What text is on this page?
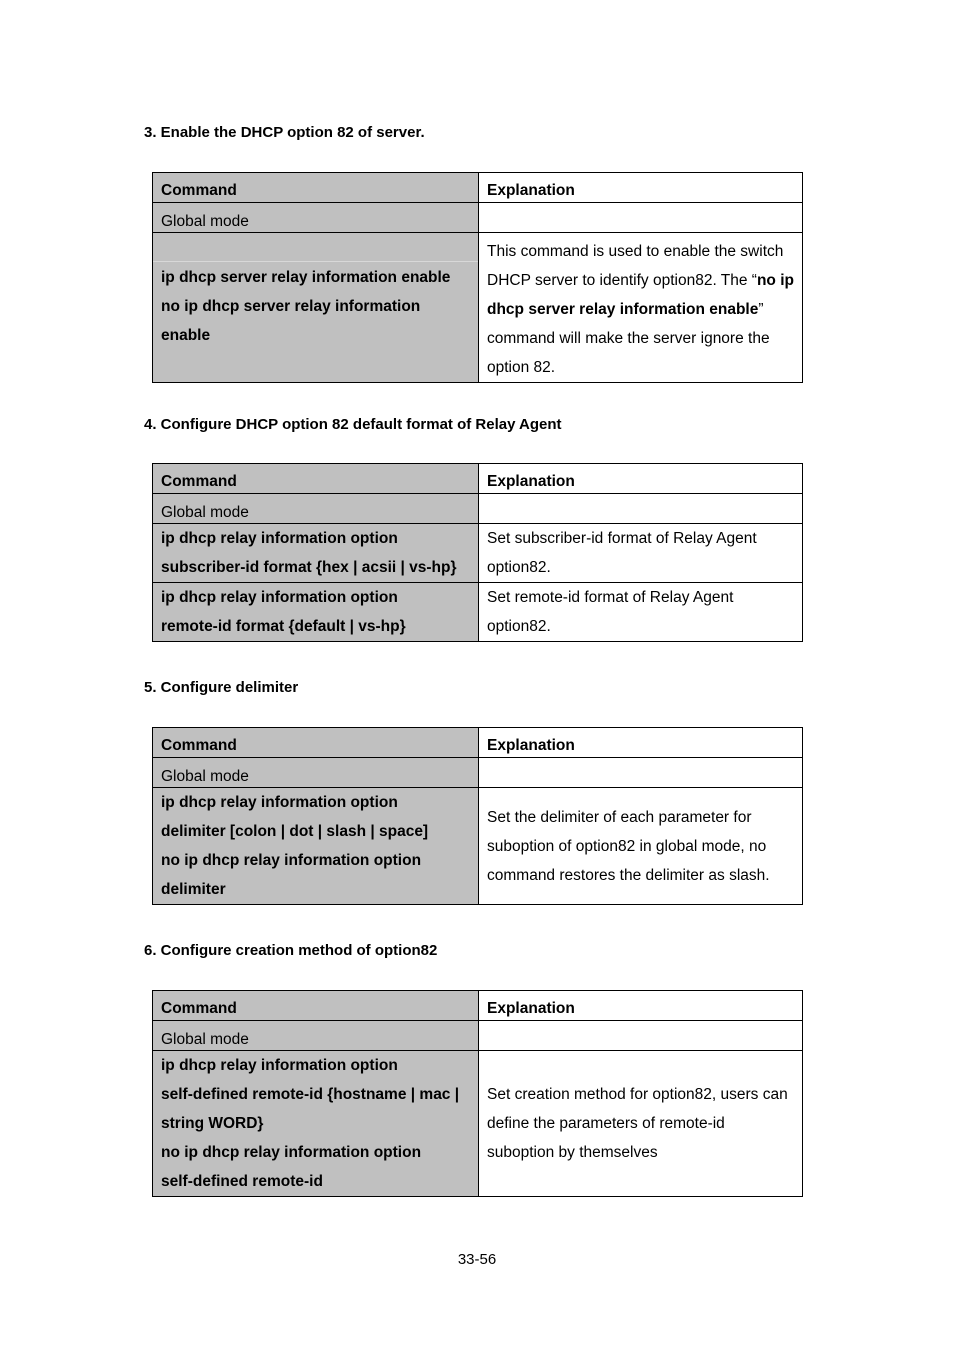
3. Enable the DHCP option 82 of server.
Command	Explanation
Global mode	

ip dhcp server relay information enable
no ip dhcp server relay information
enable	This command is used to enable the switch DHCP server to identify option82. The “no ip dhcp server relay information enable” command will make the server ignore the option 82.
4. Configure DHCP option 82 default format of Relay Agent
Command	Explanation
Global mode	

ip dhcp relay information option
subscriber-id format {hex | acsii | vs-hp}	Set subscriber-id format of Relay Agent option82.

ip dhcp relay information option
remote-id format {default | vs-hp}	Set remote-id format of Relay Agent option82.
5. Configure delimiter
Command	Explanation
Global mode	

ip dhcp relay information option
delimiter [colon | dot | slash | space]
no ip dhcp relay information option
delimiter	Set the delimiter of each parameter for suboption of option82 in global mode, no command restores the delimiter as slash.
6. Configure creation method of option82
Command	Explanation
Global mode	

ip dhcp relay information option
self-defined remote-id {hostname | mac |
string WORD}
no ip dhcp relay information option
self-defined remote-id	Set creation method for option82, users can define the parameters of remote-id suboption by themselves
33-56
